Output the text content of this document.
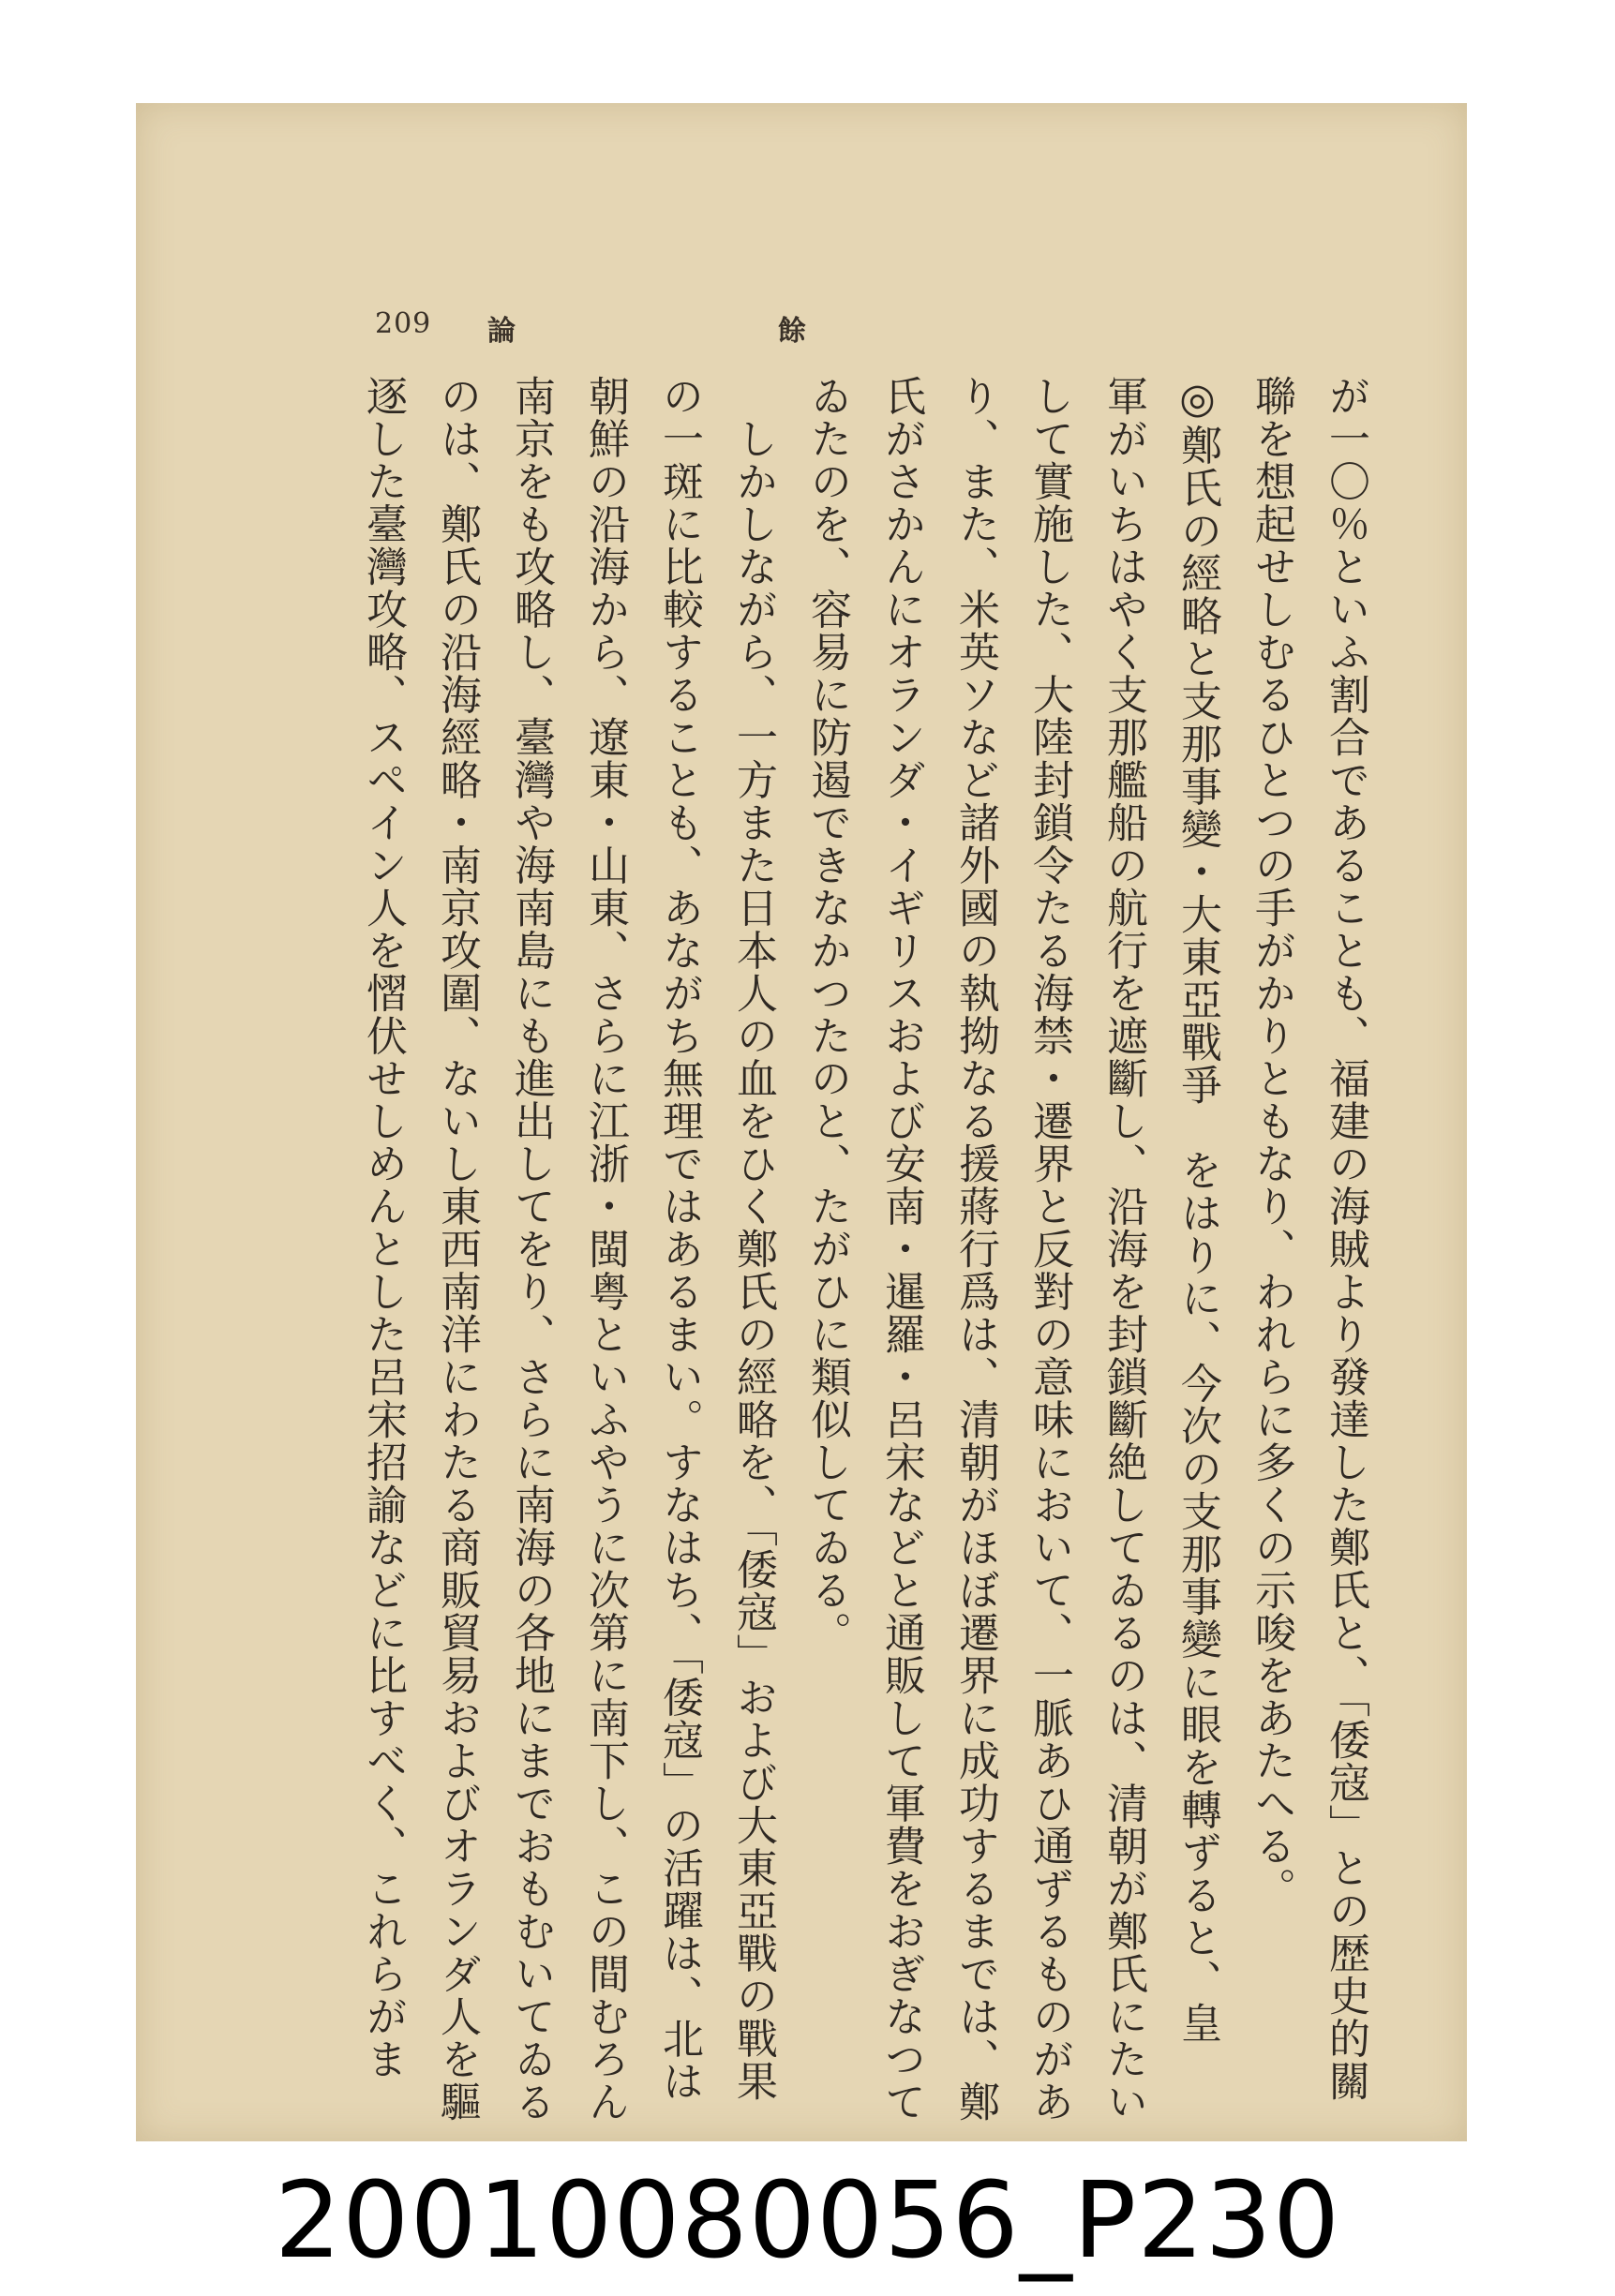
209 論	餘

が一〇％といふ割合であることも、福建の海賊より發達した鄭氏と、「倭寇」との歴史的關

聯を想起せしむるひとつの手がかりともなり、われらに多くの示唆をあたへる。

◎鄭氏の經略と支那事變・大東亞戰爭　をはりに、今次の支那事變に眼を轉ずると、皇

軍がいちはやく支那艦船の航行を遮斷し、沿海を封鎖斷絶してゐるのは、清朝が鄭氏にたい

して實施した、大陸封鎖令たる海禁・遷界と反對の意味において、一脈あひ通ずるものがあ

り、また、米英ソなど諸外國の執拗なる援蔣行爲は、清朝がほぼ遷界に成功するまでは、鄭

氏がさかんにオランダ・イギリスおよび安南・暹羅・呂宋などと通販して軍費をおぎなつて

ゐたのを、容易に防遏できなかつたのと、たがひに類似してゐる。

　しかしながら、一方また日本人の血をひく鄭氏の經略を、「倭寇」および大東亞戰の戰果

の一斑に比較することも、あながち無理ではあるまい。すなはち、「倭寇」の活躍は、北は

朝鮮の沿海から、遼東・山東、さらに江浙・閩粤といふやうに次第に南下し、この間むろん

南京をも攻略し、臺灣や海南島にも進出してをり、さらに南海の各地にまでおもむいてゐる

のは、鄭氏の沿海經略・南京攻圍、ないし東西南洋にわたる商販貿易およびオランダ人を驅

逐した臺灣攻略、スペイン人を慴伏せしめんとした呂宋招諭などに比すべく、これらがま

20010080056_P230
